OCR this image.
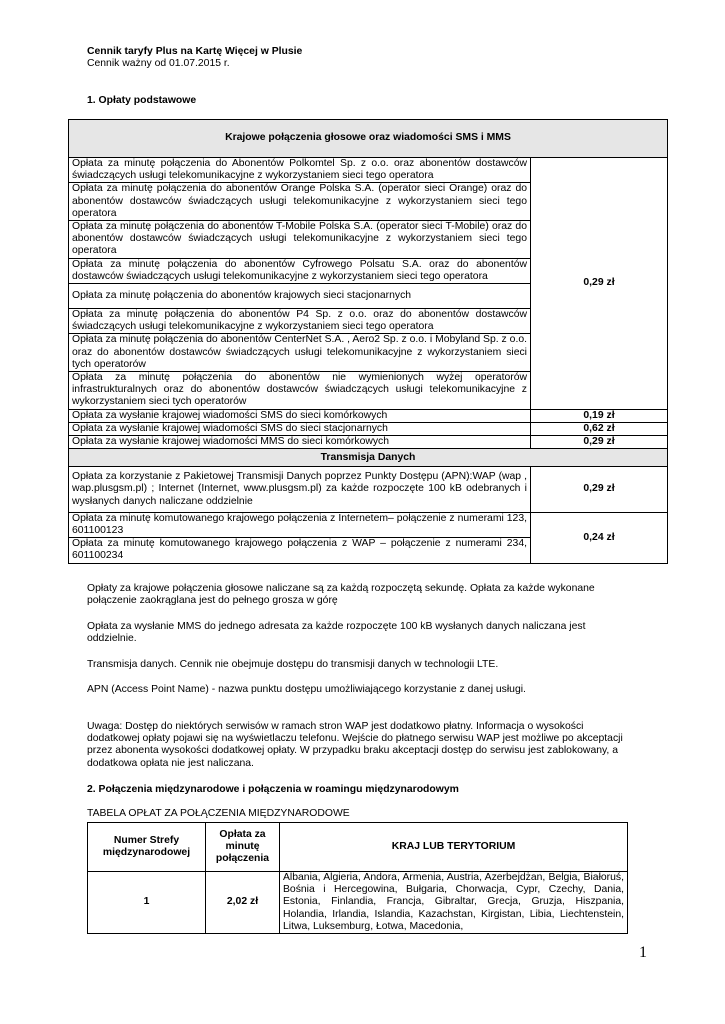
Cennik taryfy Plus na Kartę Więcej w Plusie
Cennik ważny od 01.07.2015 r.
1. Opłaty podstawowe
Krajowe połączenia głosowe oraz wiadomości SMS i MMS	
Opłata za minutę połączenia do Abonentów Polkomtel Sp. z o.o. oraz abonentów dostawców świadczących usługi telekomunikacyjne z wykorzystaniem sieci tego operatora	0,29 zł
Opłata za minutę połączenia do abonentów Orange Polska S.A. (operator sieci Orange) oraz do abonentów dostawców świadczących usługi telekomunikacyjne z wykorzystaniem sieci tego operatora	
Opłata za minutę połączenia do abonentów T-Mobile Polska S.A. (operator sieci T-Mobile) oraz do abonentów dostawców świadczących usługi telekomunikacyjne z wykorzystaniem sieci tego operatora	
Opłata za minutę połączenia do abonentów Cyfrowego Polsatu S.A. oraz do abonentów dostawców świadczących usługi telekomunikacyjne z wykorzystaniem sieci tego operatora	
Opłata za minutę połączenia do abonentów krajowych sieci stacjonarnych	
Opłata za minutę połączenia do abonentów P4 Sp. z o.o. oraz do abonentów dostawców świadczących usługi telekomunikacyjne z wykorzystaniem sieci tego operatora	
Opłata za minutę połączenia do abonentów CenterNet S.A. , Aero2 Sp. z o.o. i Mobyland Sp. z o.o. oraz do abonentów dostawców świadczących usługi telekomunikacyjne z wykorzystaniem sieci tych operatorów	
Opłata za minutę połączenia do abonentów nie wymienionych wyżej operatorów infrastrukturalnych oraz do abonentów dostawców świadczących usługi telekomunikacyjne z wykorzystaniem sieci tych operatorów	
Opłata za wysłanie krajowej wiadomości SMS do sieci komórkowych	0,19 zł
Opłata za wysłanie krajowej wiadomości SMS do sieci stacjonarnych	0,62 zł
Opłata za wysłanie krajowej wiadomości MMS do sieci komórkowych	0,29 zł
Transmisja Danych	
Opłata za korzystanie z Pakietowej Transmisji Danych poprzez Punkty Dostępu (APN):WAP (wap , wap.plusgsm.pl) ; Internet (Internet, www.plusgsm.pl) za każde rozpoczęte 100 kB odebranych i wysłanych danych naliczane oddzielnie	0,29 zł
Opłata za minutę komutowanego krajowego połączenia z Internetem– połączenie z numerami 123, 601100123	0,24 zł
Opłata za minutę komutowanego krajowego połączenia z WAP – połączenie z numerami 234, 601100234	
Opłaty za krajowe połączenia głosowe naliczane są za każdą rozpoczętą sekundę. Opłata za każde wykonane połączenie zaokrąglana jest do pełnego grosza w górę
Opłata za wysłanie MMS do jednego adresata za każde rozpoczęte 100 kB wysłanych danych naliczana jest oddzielnie.
Transmisja danych. Cennik nie obejmuje dostępu do transmisji danych w technologii LTE.
APN (Access Point Name) - nazwa punktu dostępu umożliwiającego korzystanie z danej usługi.
Uwaga: Dostęp do niektórych serwisów w ramach stron WAP jest dodatkowo płatny. Informacja o wysokości dodatkowej opłaty pojawi się na wyświetlaczu telefonu. Wejście do płatnego serwisu WAP jest możliwe po akceptacji przez abonenta wysokości dodatkowej opłaty. W przypadku braku akceptacji dostęp do serwisu jest zablokowany, a dodatkowa opłata nie jest naliczana.
2. Połączenia międzynarodowe i połączenia w roamingu międzynarodowym
TABELA OPŁAT ZA POŁĄCZENIA MIĘDZYNARODOWE
Numer Strefy międzynarodowej	Opłata za minutę połączenia	KRAJ LUB TERYTORIUM
1	2,02 zł	Albania, Algieria, Andora, Armenia, Austria, Azerbejdżan, Belgia, Białoruś, Bośnia i Hercegowina, Bułgaria, Chorwacja, Cypr, Czechy, Dania, Estonia, Finlandia, Francja, Gibraltar, Grecja, Gruzja, Hiszpania, Holandia, Irlandia, Islandia, Kazachstan, Kirgistan, Libia, Liechtenstein, Litwa, Luksemburg, Łotwa, Macedonia,
1
